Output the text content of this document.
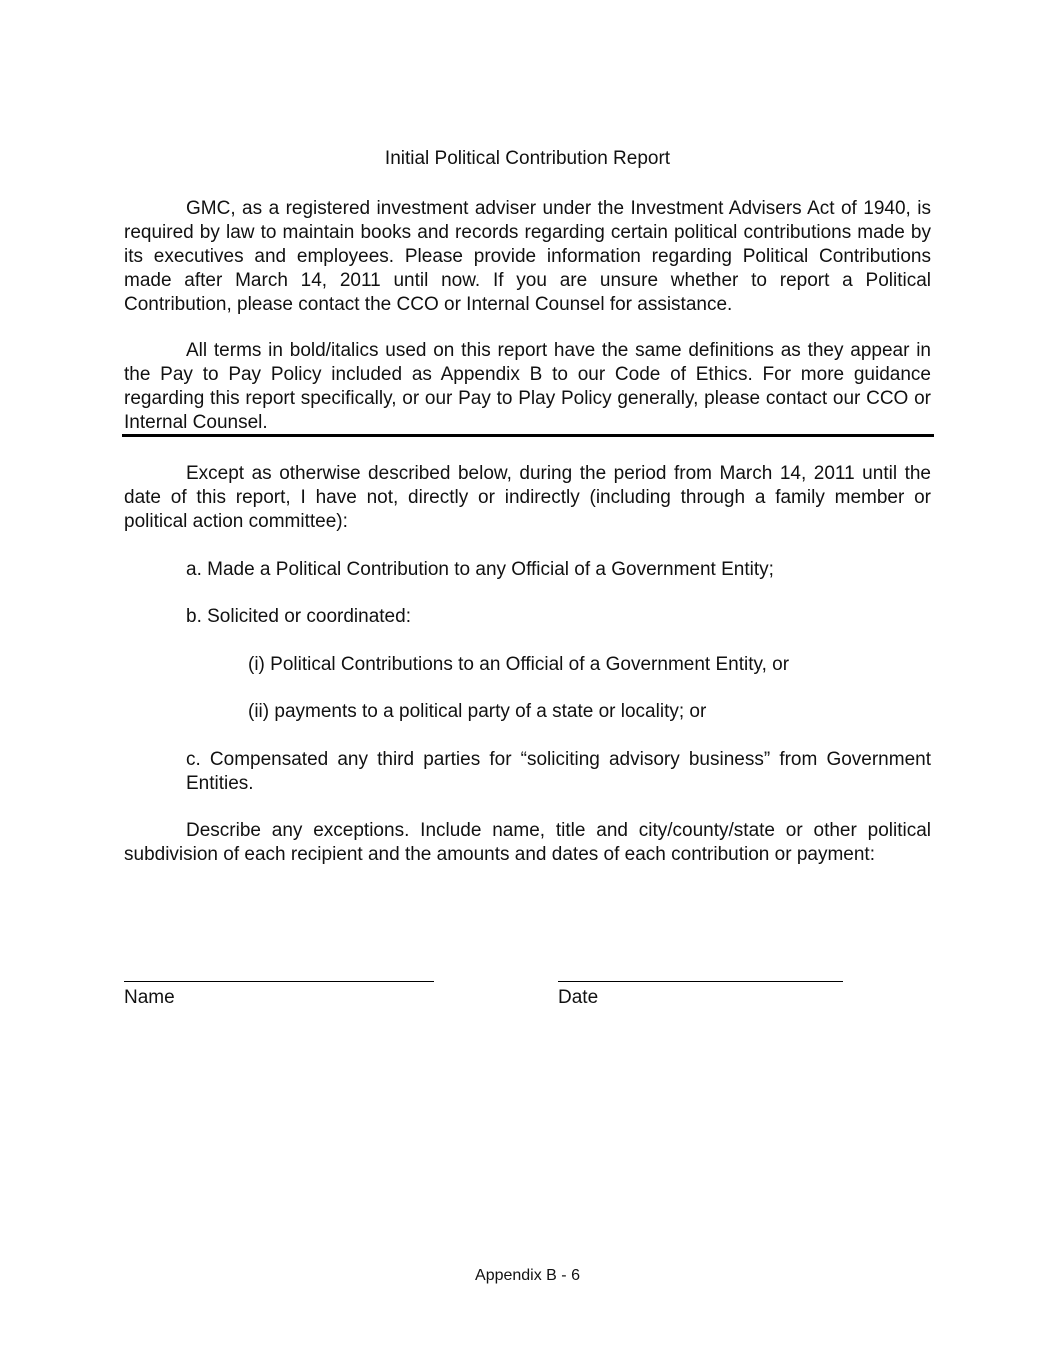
Initial Political Contribution Report

GMC, as a registered investment adviser under the Investment Advisers Act of 1940, is required by law to maintain books and records regarding certain political contributions made by its executives and employees. Please provide information regarding Political Contributions made after March 14, 2011 until now. If you are unsure whether to report a Political Contribution, please contact the CCO or Internal Counsel for assistance.

All terms in bold/italics used on this report have the same definitions as they appear in the Pay to Pay Policy included as Appendix B to our Code of Ethics. For more guidance regarding this report specifically, or our Pay to Play Policy generally, please contact our CCO or Internal Counsel.

Except as otherwise described below, during the period from March 14, 2011 until the date of this report, I have not, directly or indirectly (including through a family member or political action committee):

a. Made a Political Contribution to any Official of a Government Entity;

b. Solicited or coordinated:

(i) Political Contributions to an Official of a Government Entity, or

(ii) payments to a political party of a state or locality; or

c. Compensated any third parties for “soliciting advisory business” from Government Entities.

Describe any exceptions. Include name, title and city/county/state or other political subdivision of each recipient and the amounts and dates of each contribution or payment:

Name	Date
Appendix B - 6
